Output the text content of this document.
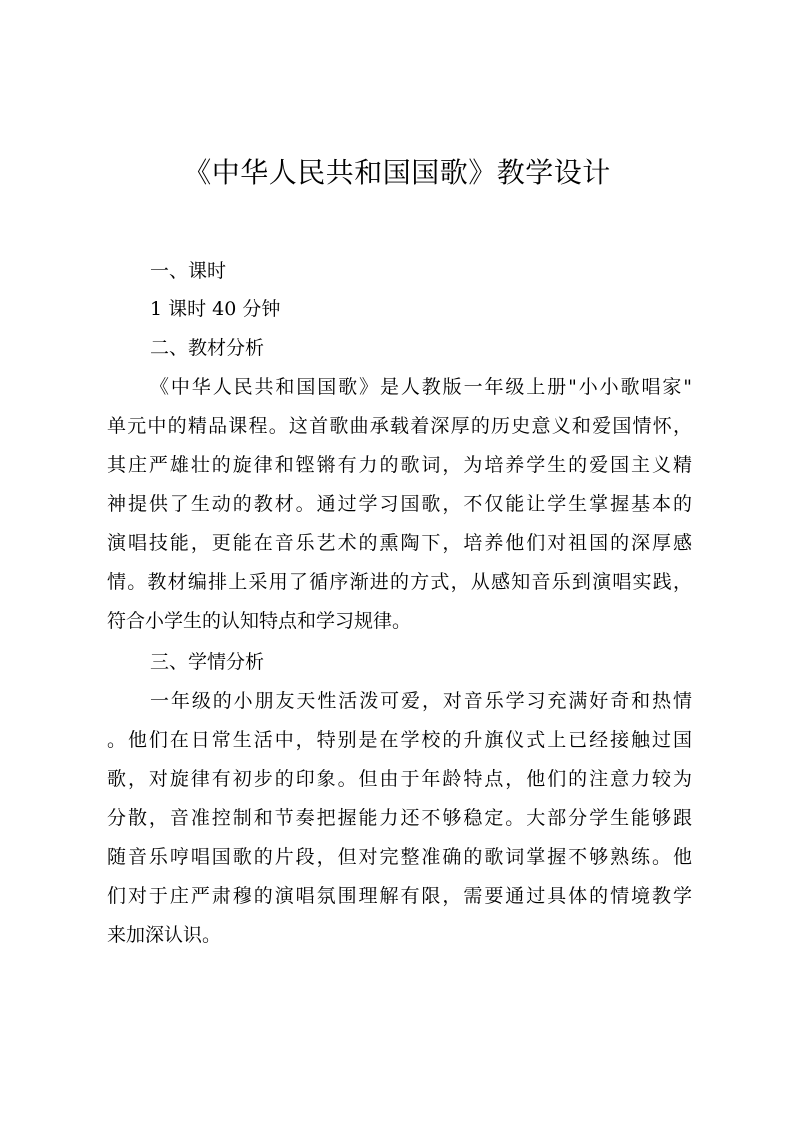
《中华人民共和国国歌》教学设计
一、课时
1 课时 40 分钟
二、教材分析
《中华人民共和国国歌》是人教版一年级上册"小小歌唱家"
单元中的精品课程。这首歌曲承载着深厚的历史意义和爱国情怀，
其庄严雄壮的旋律和铿锵有力的歌词，为培养学生的爱国主义精
神提供了生动的教材。通过学习国歌，不仅能让学生掌握基本的
演唱技能，更能在音乐艺术的熏陶下，培养他们对祖国的深厚感
情。教材编排上采用了循序渐进的方式，从感知音乐到演唱实践，
符合小学生的认知特点和学习规律。
三、学情分析
一年级的小朋友天性活泼可爱，对音乐学习充满好奇和热情
。他们在日常生活中，特别是在学校的升旗仪式上已经接触过国
歌，对旋律有初步的印象。但由于年龄特点，他们的注意力较为
分散，音准控制和节奏把握能力还不够稳定。大部分学生能够跟
随音乐哼唱国歌的片段，但对完整准确的歌词掌握不够熟练。他
们对于庄严肃穆的演唱氛围理解有限，需要通过具体的情境教学
来加深认识。
